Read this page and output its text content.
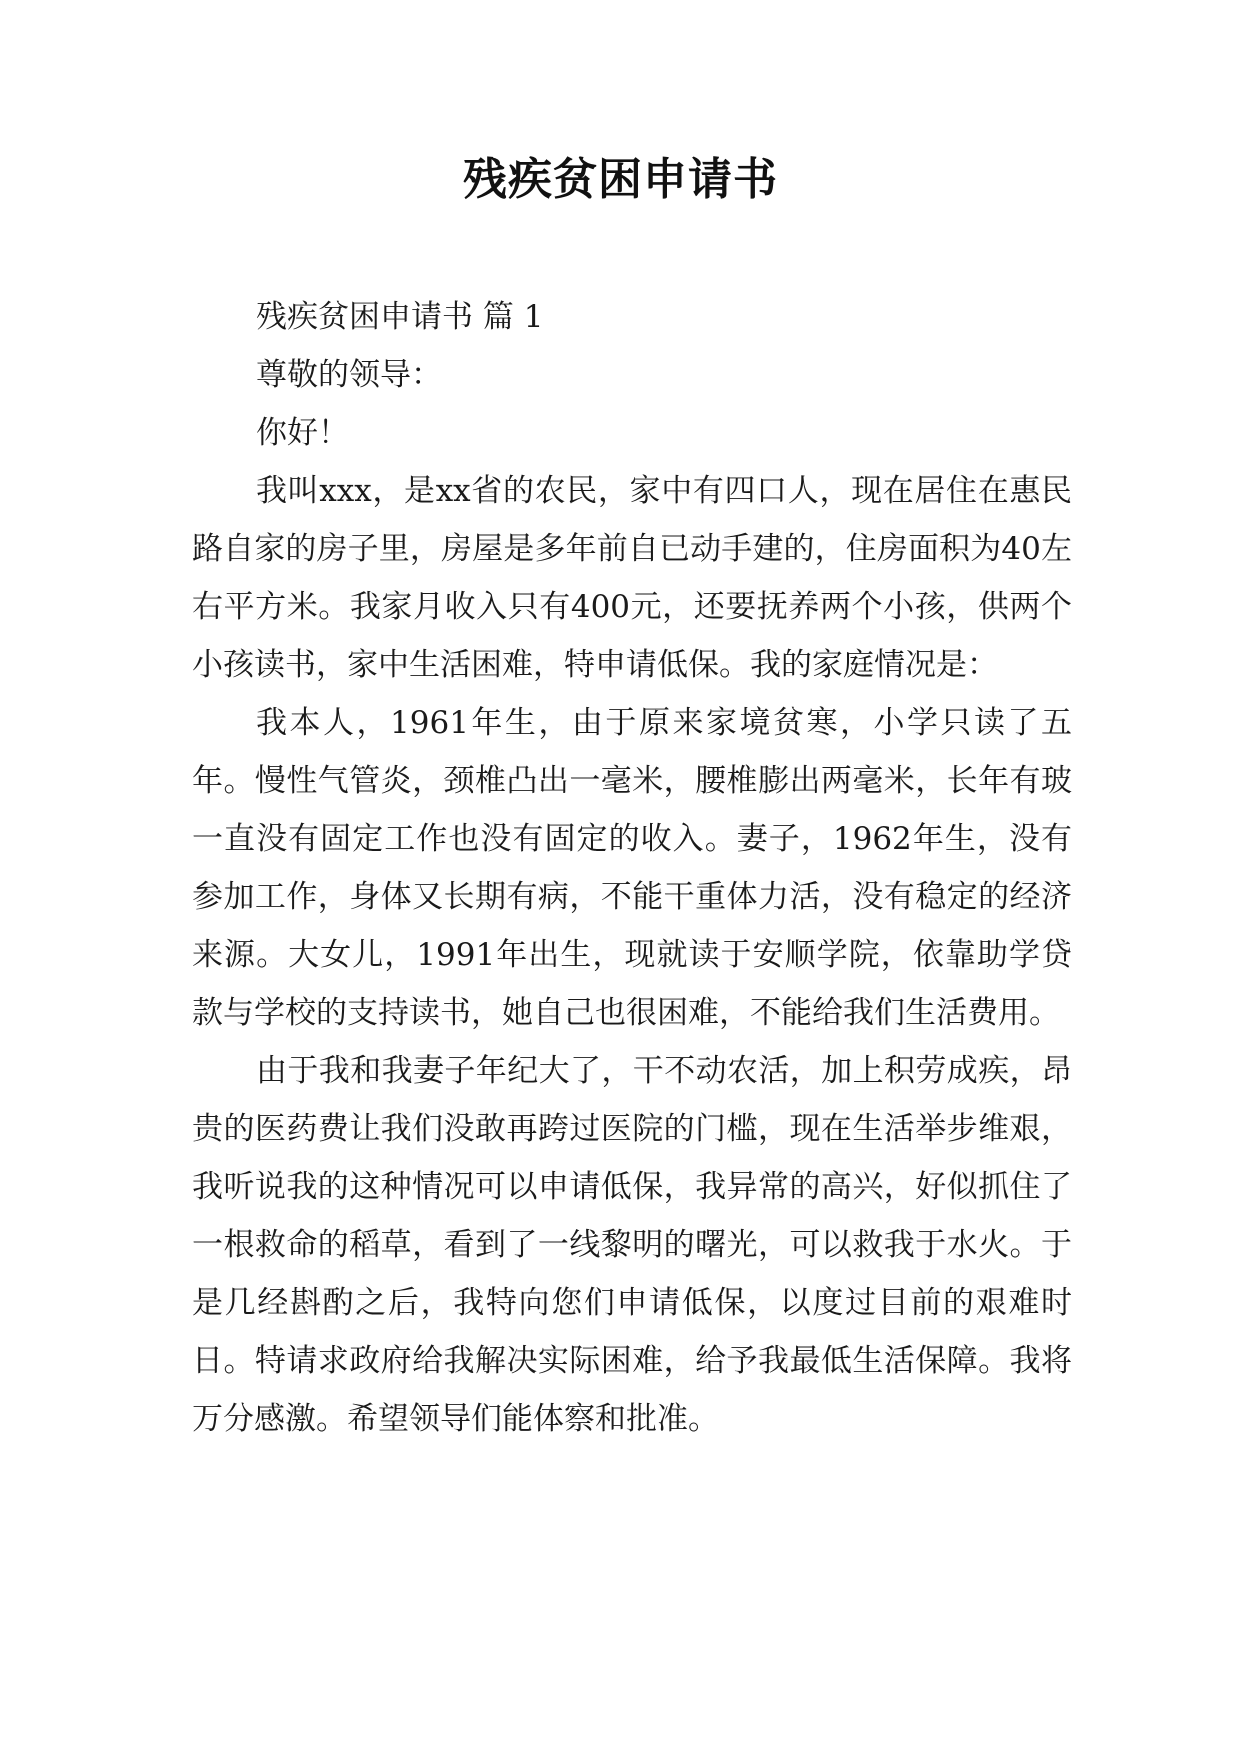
残疾贫困申请书

残疾贫困申请书 篇 1

尊敬的领导：

你好！

我叫xxx，是xx省的农民，家中有四口人，现在居住在惠民路自家的房子里，房屋是多年前自已动手建的，住房面积为40左右平方米。我家月收入只有400元，还要抚养两个小孩，供两个小孩读书，家中生活困难，特申请低保。我的家庭情况是：

我本人，1961年生，由于原来家境贫寒，小学只读了五年。慢性气管炎，颈椎凸出一毫米，腰椎膨出两毫米，长年有玻一直没有固定工作也没有固定的收入。妻子，1962年生，没有参加工作，身体又长期有病，不能干重体力活，没有稳定的经济来源。大女儿，1991年出生，现就读于安顺学院，依靠助学贷款与学校的支持读书，她自己也很困难，不能给我们生活费用。

由于我和我妻子年纪大了，干不动农活，加上积劳成疾，昂贵的医药费让我们没敢再跨过医院的门槛，现在生活举步维艰，我听说我的这种情况可以申请低保，我异常的高兴，好似抓住了一根救命的稻草，看到了一线黎明的曙光，可以救我于水火。于是几经斟酌之后，我特向您们申请低保，以度过目前的艰难时日。特请求政府给我解决实际困难，给予我最低生活保障。我将万分感激。希望领导们能体察和批准。
